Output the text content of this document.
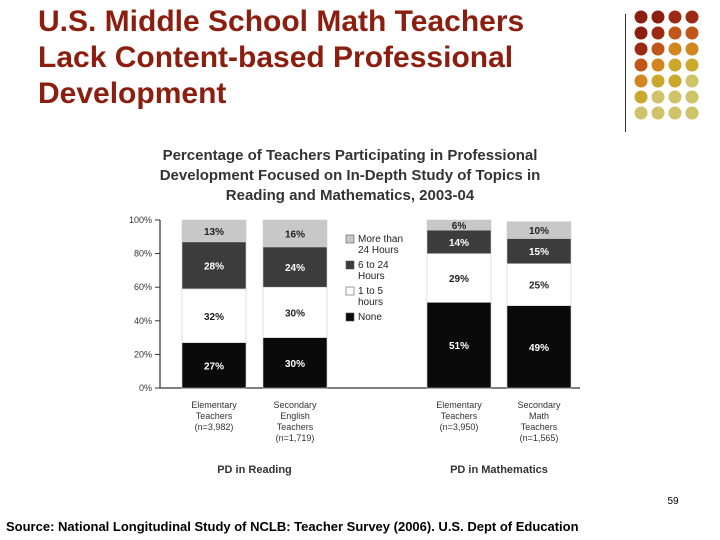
U.S. Middle School Math Teachers
Lack Content-based Professional
Development
Percentage of Teachers Participating in Professional
Development Focused on In-Depth Study of Topics in
Reading and Mathematics, 2003-04
0%
20%
40%
60%
80%
100%
27%
32%
28%
13%
Elementary
Teachers
(n=3,982)
30%
30%
24%
16%
Secondary
English
Teachers
(n=1,719)
51%
29%
14%
6%
Elementary
Teachers
(n=3,950)
49%
25%
15%
10%
Secondary
Math
Teachers
(n=1,565)
PD in Reading	PD in Mathematics
More than
24 Hours
6 to 24
Hours
1 to 5
hours
None
59
Source: National Longitudinal Study of NCLB: Teacher Survey (2006). U.S. Dept of Education
